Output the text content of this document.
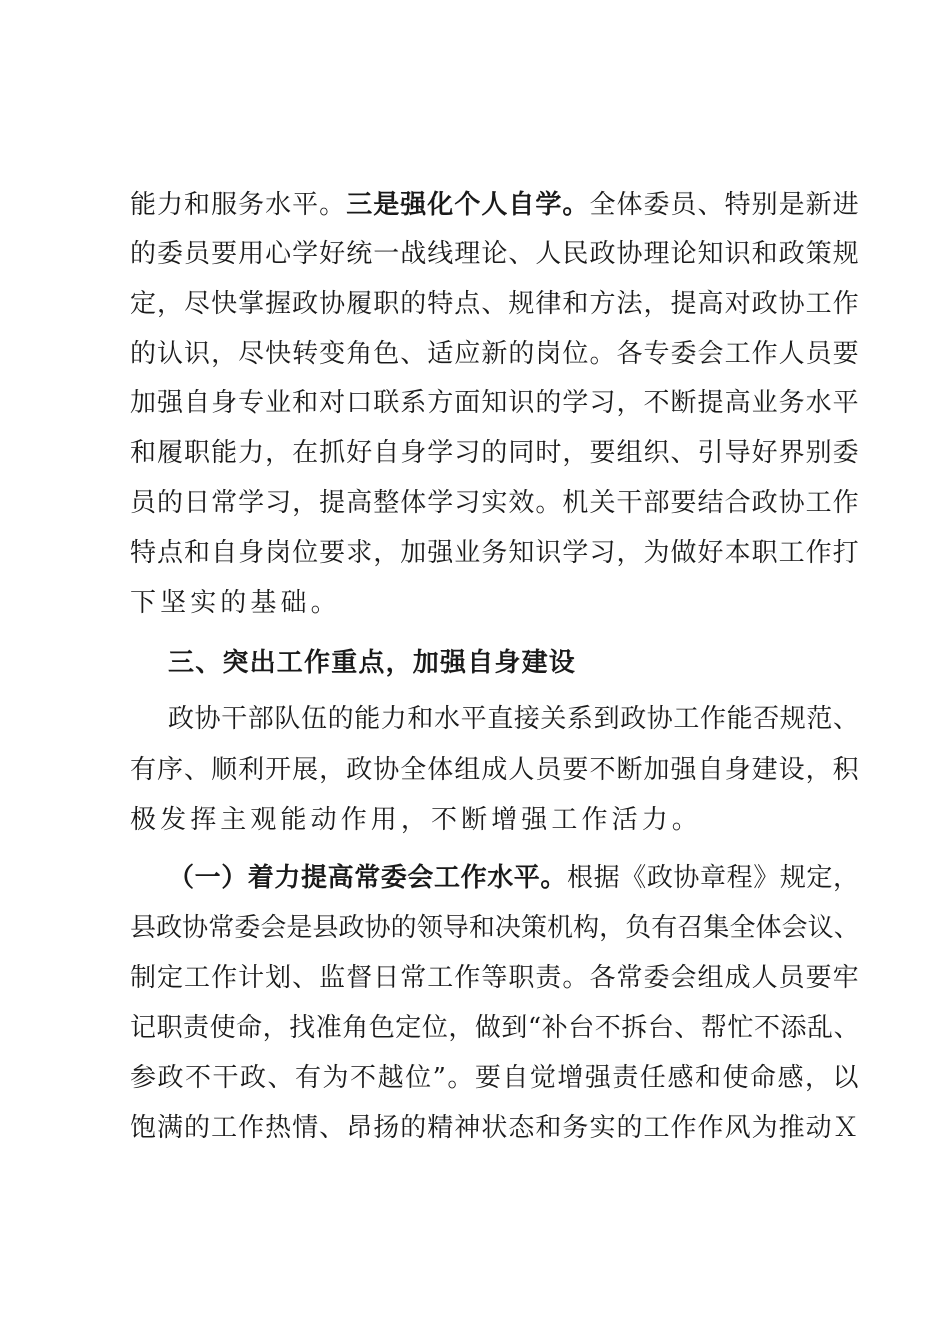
能力和服务水平。三是强化个人自学。全体委员、特别是新进
的委员要用心学好统一战线理论、人民政协理论知识和政策规
定，尽快掌握政协履职的特点、规律和方法，提高对政协工作
的认识，尽快转变角色、适应新的岗位。各专委会工作人员要
加强自身专业和对口联系方面知识的学习，不断提高业务水平
和履职能力，在抓好自身学习的同时，要组织、引导好界别委
员的日常学习，提高整体学习实效。机关干部要结合政协工作
特点和自身岗位要求，加强业务知识学习，为做好本职工作打
下坚实的基础。
三、突出工作重点，加强自身建设
政协干部队伍的能力和水平直接关系到政协工作能否规范、
有序、顺利开展，政协全体组成人员要不断加强自身建设，积
极发挥主观能动作用，不断增强工作活力。
（一）着力提高常委会工作水平。根据《政协章程》规定，
县政协常委会是县政协的领导和决策机构，负有召集全体会议、
制定工作计划、监督日常工作等职责。各常委会组成人员要牢
记职责使命，找准角色定位，做到“补台不拆台、帮忙不添乱、
参政不干政、有为不越位”。要自觉增强责任感和使命感，以
饱满的工作热情、昂扬的精神状态和务实的工作作风为推动Ｘ
